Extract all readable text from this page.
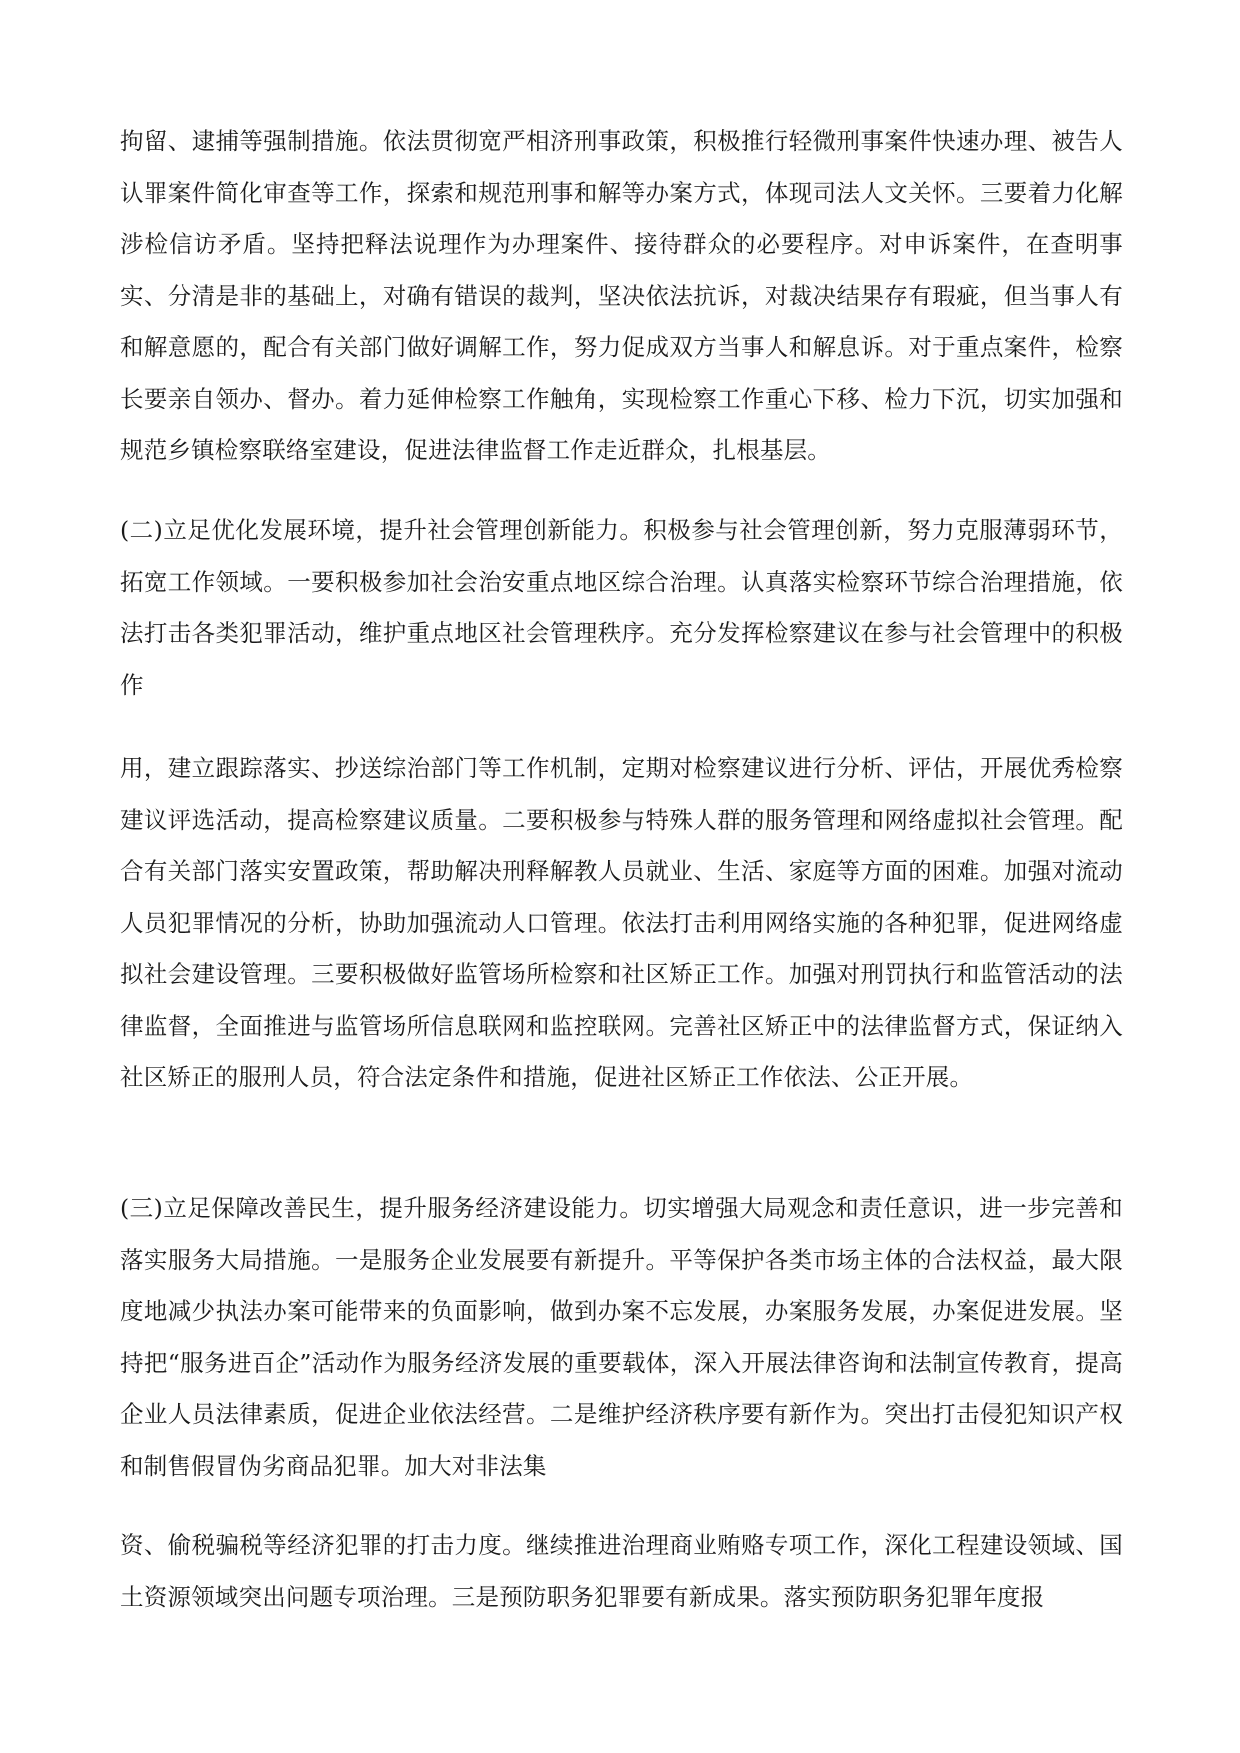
拘留、逮捕等强制措施。依法贯彻宽严相济刑事政策，积极推行轻微刑事案件快速办理、被告人认罪案件简化审查等工作，探索和规范刑事和解等办案方式，体现司法人文关怀。三要着力化解涉检信访矛盾。坚持把释法说理作为办理案件、接待群众的必要程序。对申诉案件，在查明事实、分清是非的基础上，对确有错误的裁判，坚决依法抗诉，对裁决结果存有瑕疵，但当事人有和解意愿的，配合有关部门做好调解工作，努力促成双方当事人和解息诉。对于重点案件，检察长要亲自领办、督办。着力延伸检察工作触角，实现检察工作重心下移、检力下沉，切实加强和规范乡镇检察联络室建设，促进法律监督工作走近群众，扎根基层。

(二)立足优化发展环境，提升社会管理创新能力。积极参与社会管理创新，努力克服薄弱环节，拓宽工作领域。一要积极参加社会治安重点地区综合治理。认真落实检察环节综合治理措施，依法打击各类犯罪活动，维护重点地区社会管理秩序。充分发挥检察建议在参与社会管理中的积极作

用，建立跟踪落实、抄送综治部门等工作机制，定期对检察建议进行分析、评估，开展优秀检察建议评选活动，提高检察建议质量。二要积极参与特殊人群的服务管理和网络虚拟社会管理。配合有关部门落实安置政策，帮助解决刑释解教人员就业、生活、家庭等方面的困难。加强对流动人员犯罪情况的分析，协助加强流动人口管理。依法打击利用网络实施的各种犯罪，促进网络虚拟社会建设管理。三要积极做好监管场所检察和社区矫正工作。加强对刑罚执行和监管活动的法律监督，全面推进与监管场所信息联网和监控联网。完善社区矫正中的法律监督方式，保证纳入社区矫正的服刑人员，符合法定条件和措施，促进社区矫正工作依法、公正开展。

(三)立足保障改善民生，提升服务经济建设能力。切实增强大局观念和责任意识，进一步完善和落实服务大局措施。一是服务企业发展要有新提升。平等保护各类市场主体的合法权益，最大限度地减少执法办案可能带来的负面影响，做到办案不忘发展，办案服务发展，办案促进发展。坚持把“服务进百企”活动作为服务经济发展的重要载体，深入开展法律咨询和法制宣传教育，提高企业人员法律素质，促进企业依法经营。二是维护经济秩序要有新作为。突出打击侵犯知识产权和制售假冒伪劣商品犯罪。加大对非法集

资、偷税骗税等经济犯罪的打击力度。继续推进治理商业贿赂专项工作，深化工程建设领域、国土资源领域突出问题专项治理。三是预防职务犯罪要有新成果。落实预防职务犯罪年度报
